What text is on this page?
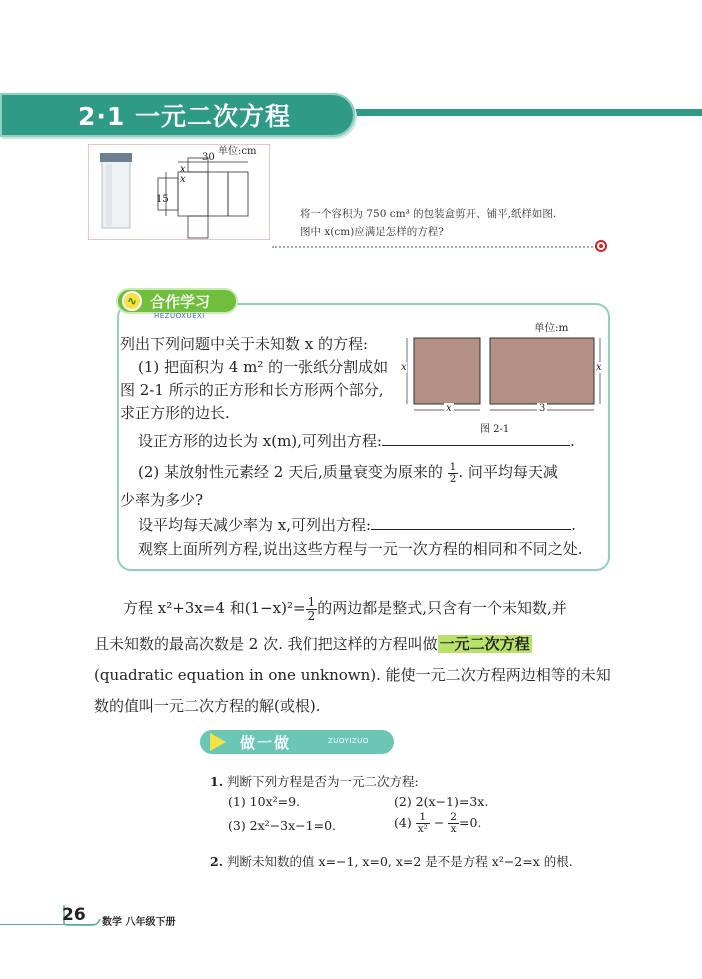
2·1 一元二次方程
单位:cm
30
15
x
x
将一个容积为 750 cm³ 的包装盒剪开、铺平,纸样如图.
图中 x(cm)应满足怎样的方程?
∿ 合作学习
HEZUOXUEXI
列出下列问题中关于未知数 x 的方程:
(1) 把面积为 4 m² 的一张纸分割成如
图 2-1 所示的正方形和长方形两个部分,
求正方形的边长.
设正方形的边长为 x(m),可列出方程:	.
(2) 某放射性元素经 2 天后,质量衰变为原来的 $\frac{1}{2}$ . 问平均每天减
少率为多少?
设平均每天减少率为 x,可列出方程:	.
观察上面所列方程,说出这些方程与一元一次方程的相同和不同之处.
单位:m
x	x
x	3
图 2-1
方程 x²+3x=4 和$(1-x)^2= \frac{1}{2}$ 的两边都是整式,只含有一个未知数,并
且未知数的最高次数是 2 次. 我们把这样的方程叫做 一元二次方程
(quadratic equation in one unknown). 能使一元二次方程两边相等的未知
数的值叫一元二次方程的解(或根).
做一做	ZUOYIZUO
1. 判断下列方程是否为一元二次方程:
(1) 10x²=9.	(2) 2(x−1)=3x.
(3) 2x²−3x−1=0.	$(4) \frac{1}{\text{x²}} - \frac{2}{x} =0$.
2. 判断未知数的值 x=−1, x=0, x=2 是不是方程 x²−2=x 的根.
26 数学 八年级下册
